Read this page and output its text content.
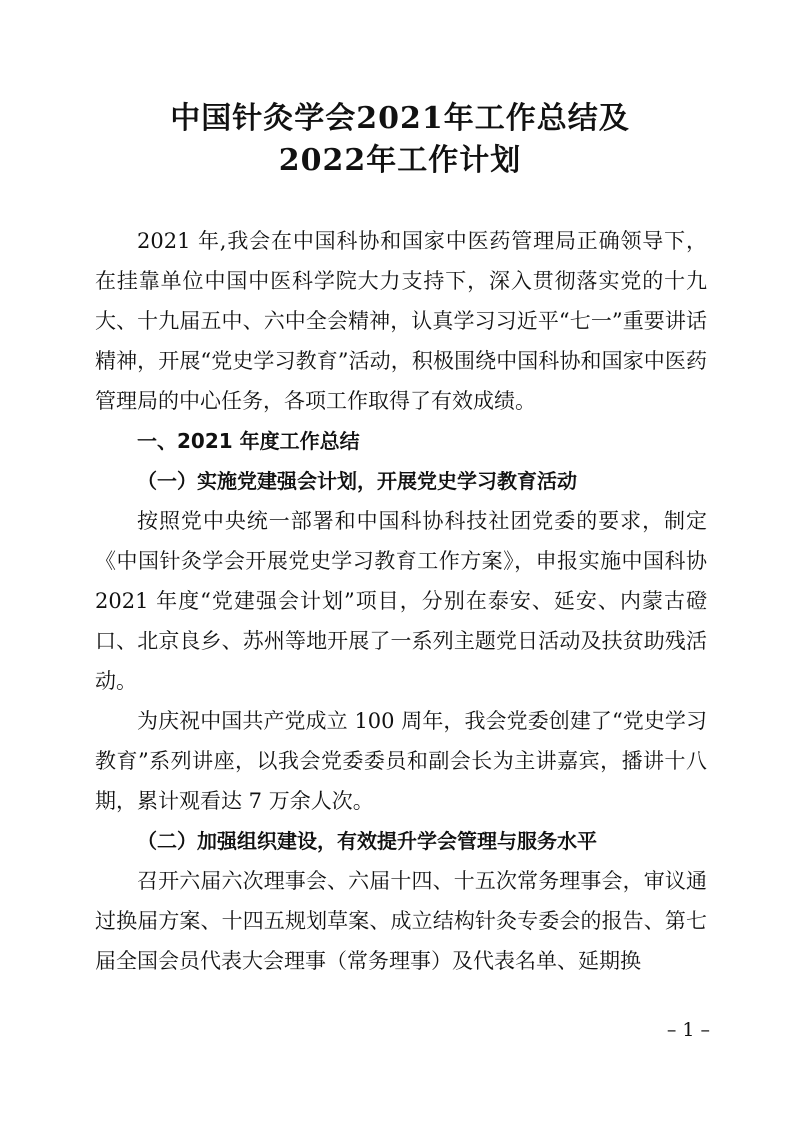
中国针灸学会2021年工作总结及
2022年工作计划
2021 年,我会在中国科协和国家中医药管理局正确领导下，在挂靠单位中国中医科学院大力支持下，深入贯彻落实党的十九大、十九届五中、六中全会精神，认真学习习近平“七一”重要讲话精神，开展“党史学习教育”活动，积极围绕中国科协和国家中医药管理局的中心任务，各项工作取得了有效成绩。
一、2021 年度工作总结
（一）实施党建强会计划，开展党史学习教育活动
按照党中央统一部署和中国科协科技社团党委的要求，制定《中国针灸学会开展党史学习教育工作方案》，申报实施中国科协 2021 年度“党建强会计划”项目，分别在泰安、延安、内蒙古磴口、北京良乡、苏州等地开展了一系列主题党日活动及扶贫助残活动。
为庆祝中国共产党成立 100 周年，我会党委创建了“党史学习教育”系列讲座，以我会党委委员和副会长为主讲嘉宾，播讲十八期，累计观看达 7 万余人次。
（二）加强组织建设，有效提升学会管理与服务水平
召开六届六次理事会、六届十四、十五次常务理事会，审议通过换届方案、十四五规划草案、成立结构针灸专委会的报告、第七届全国会员代表大会理事（常务理事）及代表名单、延期换
– 1 –
